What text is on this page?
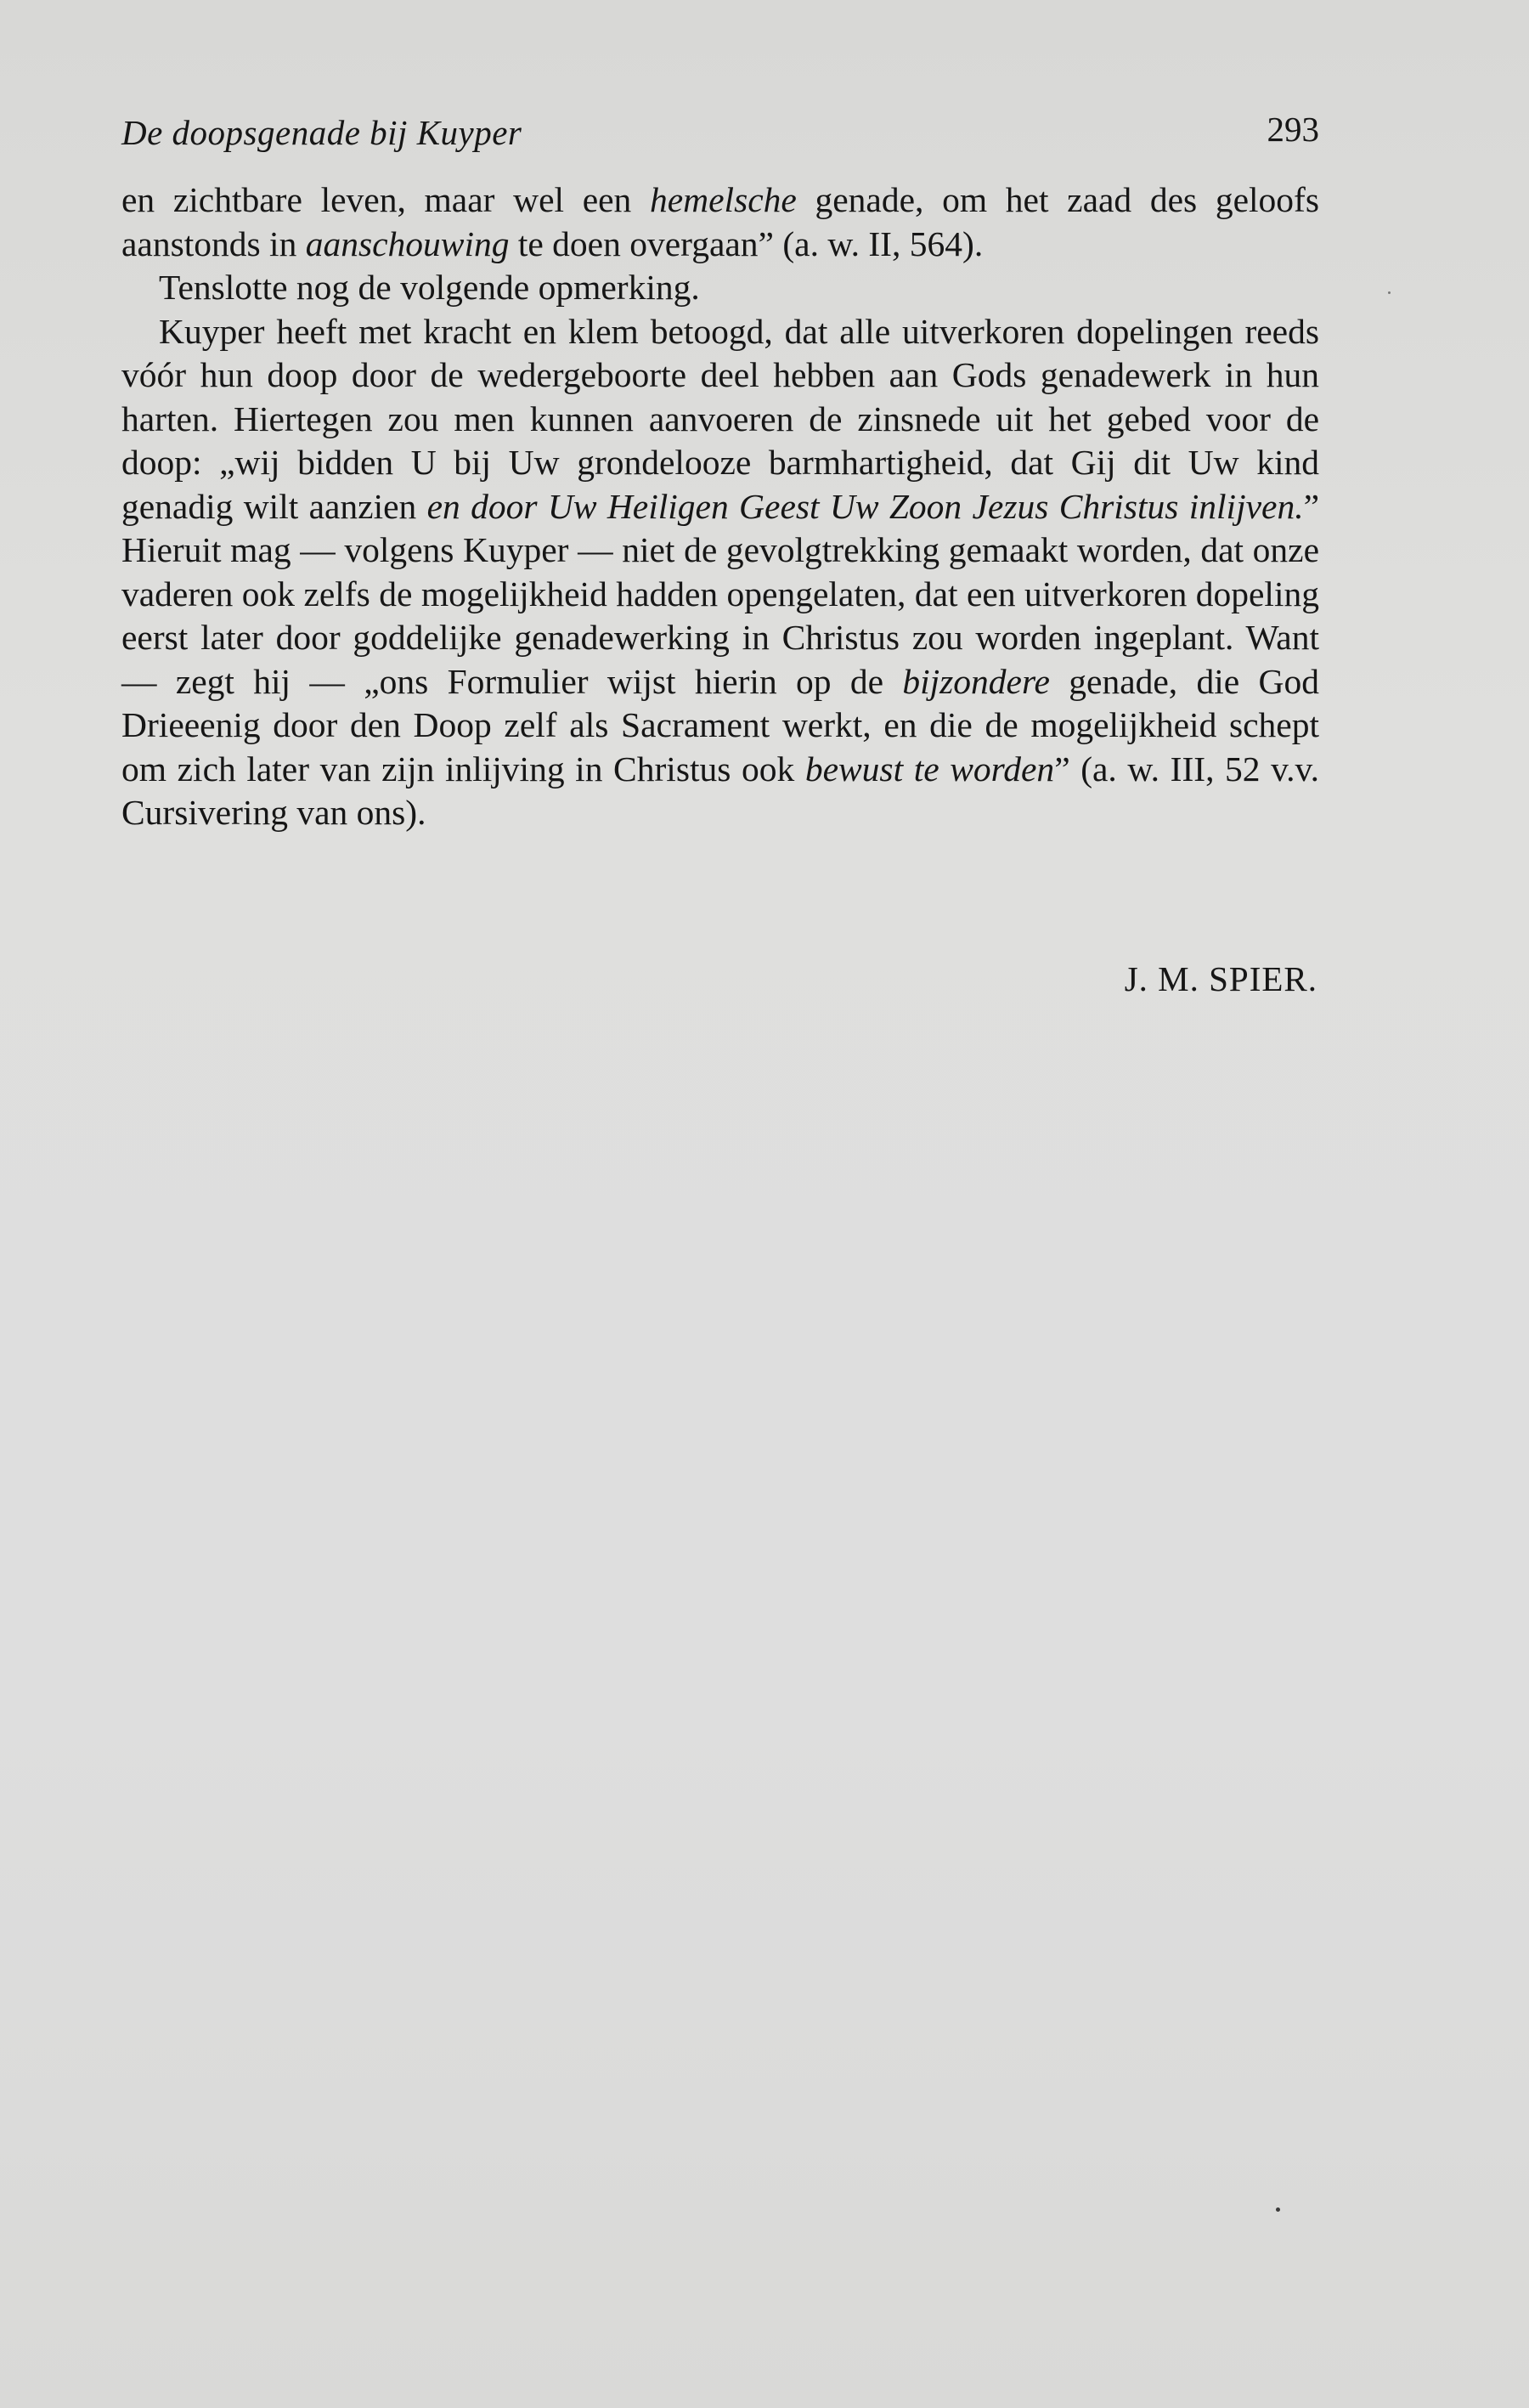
De doopsgenade bij Kuyper	293

en zichtbare leven, maar wel een hemelsche genade, om het zaad des geloofs aanstonds in aanschouwing te doen overgaan” (a. w. II, 564).

Tenslotte nog de volgende opmerking.

Kuyper heeft met kracht en klem betoogd, dat alle uitverkoren dopelingen reeds vóór hun doop door de wedergeboorte deel hebben aan Gods genadewerk in hun harten. Hiertegen zou men kunnen aanvoeren de zinsnede uit het gebed voor de doop: „wij bidden U bij Uw grondelooze barmhartigheid, dat Gij dit Uw kind genadig wilt aanzien en door Uw Heiligen Geest Uw Zoon Jezus Christus inlijven.” Hieruit mag — volgens Kuyper — niet de gevolgtrekking gemaakt worden, dat onze vaderen ook zelfs de mogelijkheid hadden opengelaten, dat een uitverkoren dopeling eerst later door goddelijke genadewerking in Christus zou worden ingeplant. Want — zegt hij — „ons Formulier wijst hierin op de bijzondere genade, die God Drieeenig door den Doop zelf als Sacrament werkt, en die de mogelijkheid schept om zich later van zijn inlijving in Christus ook bewust te worden” (a. w. III, 52 v.v. Cursivering van ons).

J. M. SPIER.
